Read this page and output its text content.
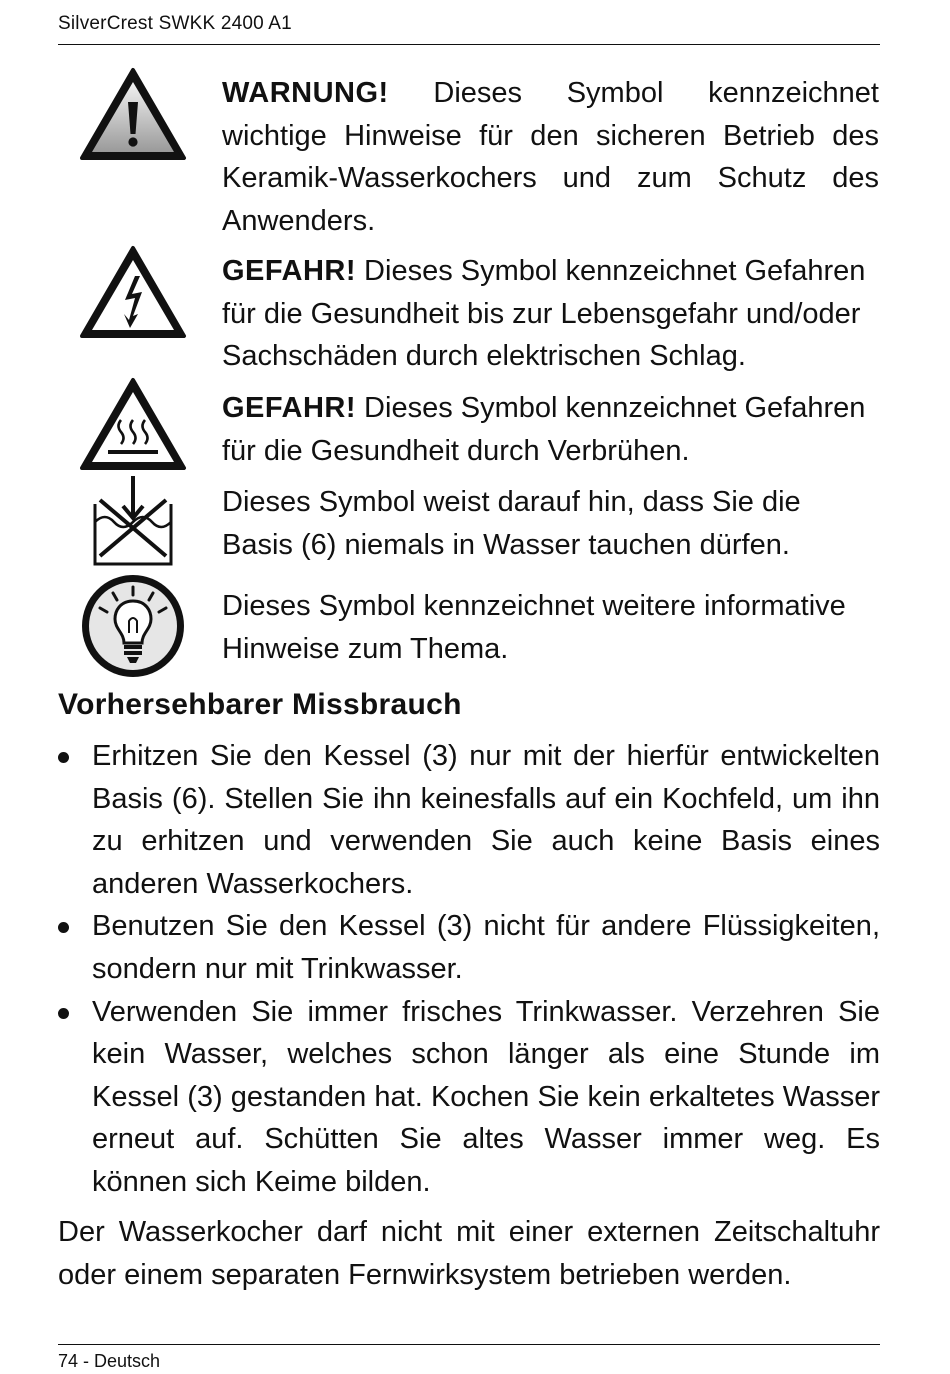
SilverCrest SWKK 2400 A1
WARNUNG! Dieses Symbol kennzeichnet wichtige Hinweise für den sicheren Betrieb des Keramik-Wasserkochers und zum Schutz des Anwenders.
GEFAHR! Dieses Symbol kennzeichnet Gefahren für die Gesundheit bis zur Lebensgefahr und/oder Sachschäden durch elektrischen Schlag.
GEFAHR! Dieses Symbol kennzeichnet Gefahren für die Gesundheit durch Verbrühen.
Dieses Symbol weist darauf hin, dass Sie die Basis (6) niemals in Wasser tauchen dürfen.
Dieses Symbol kennzeichnet weitere informative Hinweise zum Thema.
Vorhersehbarer Missbrauch
Erhitzen Sie den Kessel (3) nur mit der hierfür entwickelten Basis (6). Stellen Sie ihn keinesfalls auf ein Kochfeld, um ihn zu erhitzen und verwenden Sie auch keine Basis eines anderen Wasserkochers.
Benutzen Sie den Kessel (3) nicht für andere Flüssigkeiten, sondern nur mit Trinkwasser.
Verwenden Sie immer frisches Trinkwasser. Verzehren Sie kein Wasser, welches schon länger als eine Stunde im Kessel (3) gestanden hat. Kochen Sie kein erkaltetes Wasser erneut auf. Schütten Sie altes Wasser immer weg. Es können sich Keime bilden.
Der Wasserkocher darf nicht mit einer externen Zeitschaltuhr oder einem separaten Fernwirksystem betrieben werden.
74 - Deutsch
